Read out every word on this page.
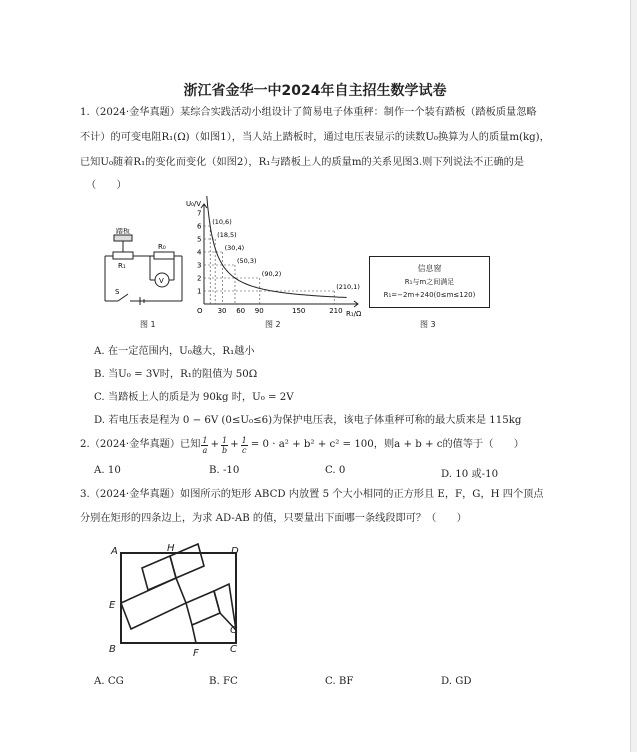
浙江省金华一中2024年自主招生数学试卷
1.（2024·金华真题）某综合实践活动小组设计了简易电子体重秤：制作一个装有踏板（踏板质量忽略
不计）的可变电阻R₁(Ω)（如图1），当人站上踏板时，通过电压表显示的读数U₀换算为人的质量m(kg)，
已知U₀随着R₁的变化而变化（如图2），R₁与踏板上人的质量m的关系见图3.则下列说法不正确的是
（　　）
踏板
R₁
R₀
V
S
图 1
1
2
3
4
5
6
7
30 60 90	150	210
(10,6)
(18,5)
(30,4)
(50,3)
(90,2)
(210,1)
U₀/V
R₁/Ω
O
图 2
信息窗
R₁与m之间满足
R₁=−2m+240(0≤m≤120)
图 3
A. 在一定范围内，U₀越大，R₁越小
B. 当U₀ = 3V时，R₁的阻值为 50Ω
C. 当踏板上人的质是为 90kg 时，U₀ = 2V
D. 若电压表是程为 0 − 6V (0≤U₀≤6)为保护电压表，该电子体重秤可称的最大质来是 115kg
2.（2024·金华真题）已知 $\frac{1}{a} + \frac{1}{b} + \frac{1}{c} = 0 \cdot a^2 + b^2 + c^2 = 100$，则a + b + c的值等于（　　）
A. 10	B. -10	C. 0	D. 10 或-10
3.（2024·金华真题）如图所示的矩形 ABCD 内放置 5 个大小相同的正方形且 E，F，G，H 四个顶点
分别在矩形的四条边上，为求 AD-AB 的值，只要量出下面哪一条线段即可？（　　）
A	H	D
E
G
B	F	C
A. CG	B. FC	C. BF	D. GD
